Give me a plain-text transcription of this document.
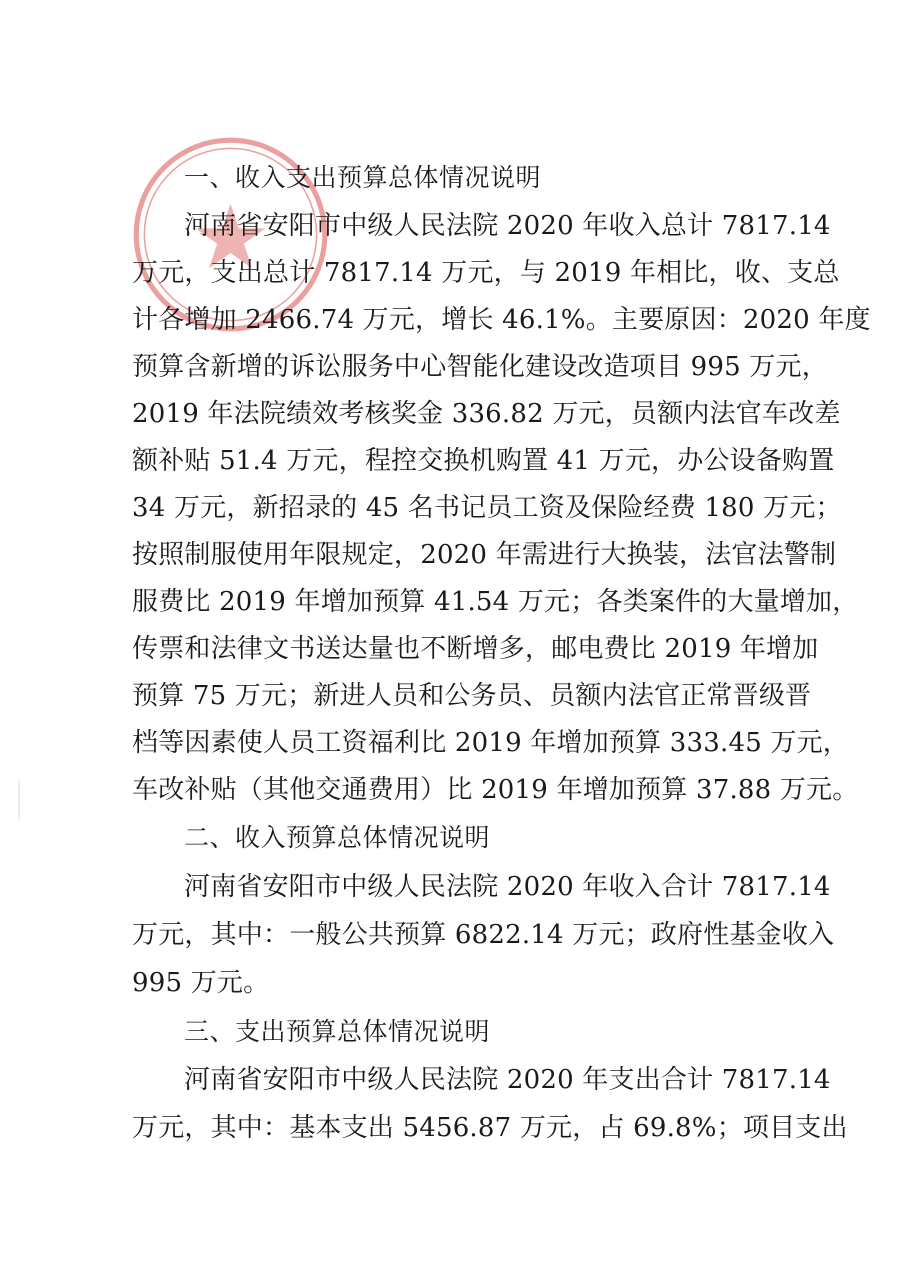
一、收入支出预算总体情况说明
河南省安阳市中级人民法院 2020 年收入总计 7817.14
万元，支出总计 7817.14 万元，与 2019 年相比，收、支总
计各增加 2466.74 万元，增长 46.1%。主要原因：2020 年度
预算含新增的诉讼服务中心智能化建设改造项目 995 万元，
2019 年法院绩效考核奖金 336.82 万元，员额内法官车改差
额补贴 51.4 万元，程控交换机购置 41 万元，办公设备购置
34 万元，新招录的 45 名书记员工资及保险经费 180 万元；
按照制服使用年限规定，2020 年需进行大换装，法官法警制
服费比 2019 年增加预算 41.54 万元；各类案件的大量增加，
传票和法律文书送达量也不断增多，邮电费比 2019 年增加
预算 75 万元；新进人员和公务员、员额内法官正常晋级晋
档等因素使人员工资福利比 2019 年增加预算 333.45 万元，
车改补贴（其他交通费用）比 2019 年增加预算 37.88 万元。
二、收入预算总体情况说明
河南省安阳市中级人民法院 2020 年收入合计 7817.14
万元，其中：一般公共预算 6822.14 万元；政府性基金收入
995 万元。
三、支出预算总体情况说明
河南省安阳市中级人民法院 2020 年支出合计 7817.14
万元，其中：基本支出 5456.87 万元，占 69.8%；项目支出
